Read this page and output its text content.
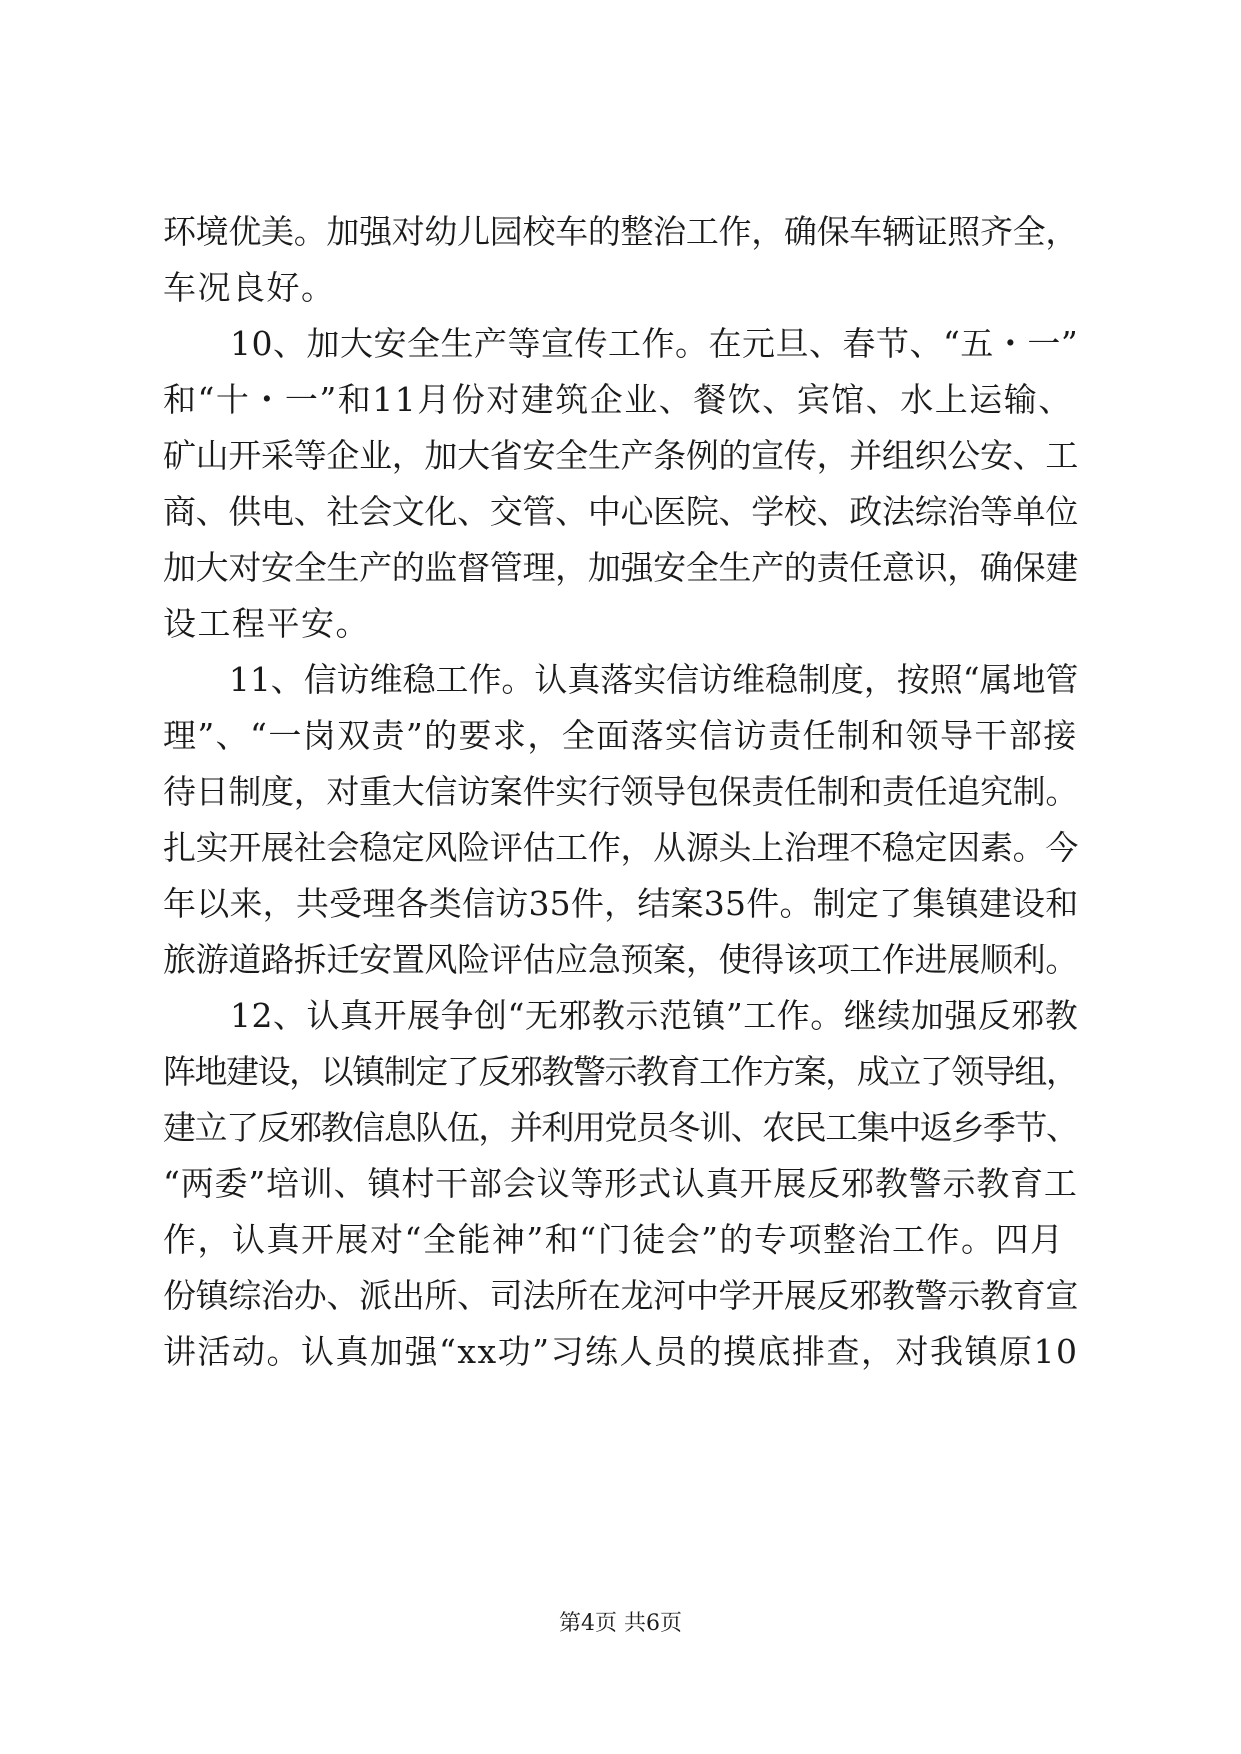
环境优美。加强对幼儿园校车的整治工作，确保车辆证照齐全，
车况良好。
　　10、加大安全生产等宣传工作。在元旦、春节、“五・一”
和“十・一”和11月份对建筑企业、餐饮、宾馆、水上运输、
矿山开采等企业，加大省安全生产条例的宣传，并组织公安、工
商、供电、社会文化、交管、中心医院、学校、政法综治等单位
加大对安全生产的监督管理，加强安全生产的责任意识，确保建
设工程平安。
　　11、信访维稳工作。认真落实信访维稳制度，按照“属地管
理”、“一岗双责”的要求，全面落实信访责任制和领导干部接
待日制度，对重大信访案件实行领导包保责任制和责任追究制。
扎实开展社会稳定风险评估工作，从源头上治理不稳定因素。今
年以来，共受理各类信访35件，结案35件。制定了集镇建设和
旅游道路拆迁安置风险评估应急预案，使得该项工作进展顺利。
　　12、认真开展争创“无邪教示范镇”工作。继续加强反邪教
阵地建设，以镇制定了反邪教警示教育工作方案，成立了领导组，
建立了反邪教信息队伍，并利用党员冬训、农民工集中返乡季节、
“两委”培训、镇村干部会议等形式认真开展反邪教警示教育工
作，认真开展对“全能神”和“门徒会”的专项整治工作。四月
份镇综治办、派出所、司法所在龙河中学开展反邪教警示教育宣
讲活动。认真加强“xx功”习练人员的摸底排查，对我镇原10
第4页 共6页
